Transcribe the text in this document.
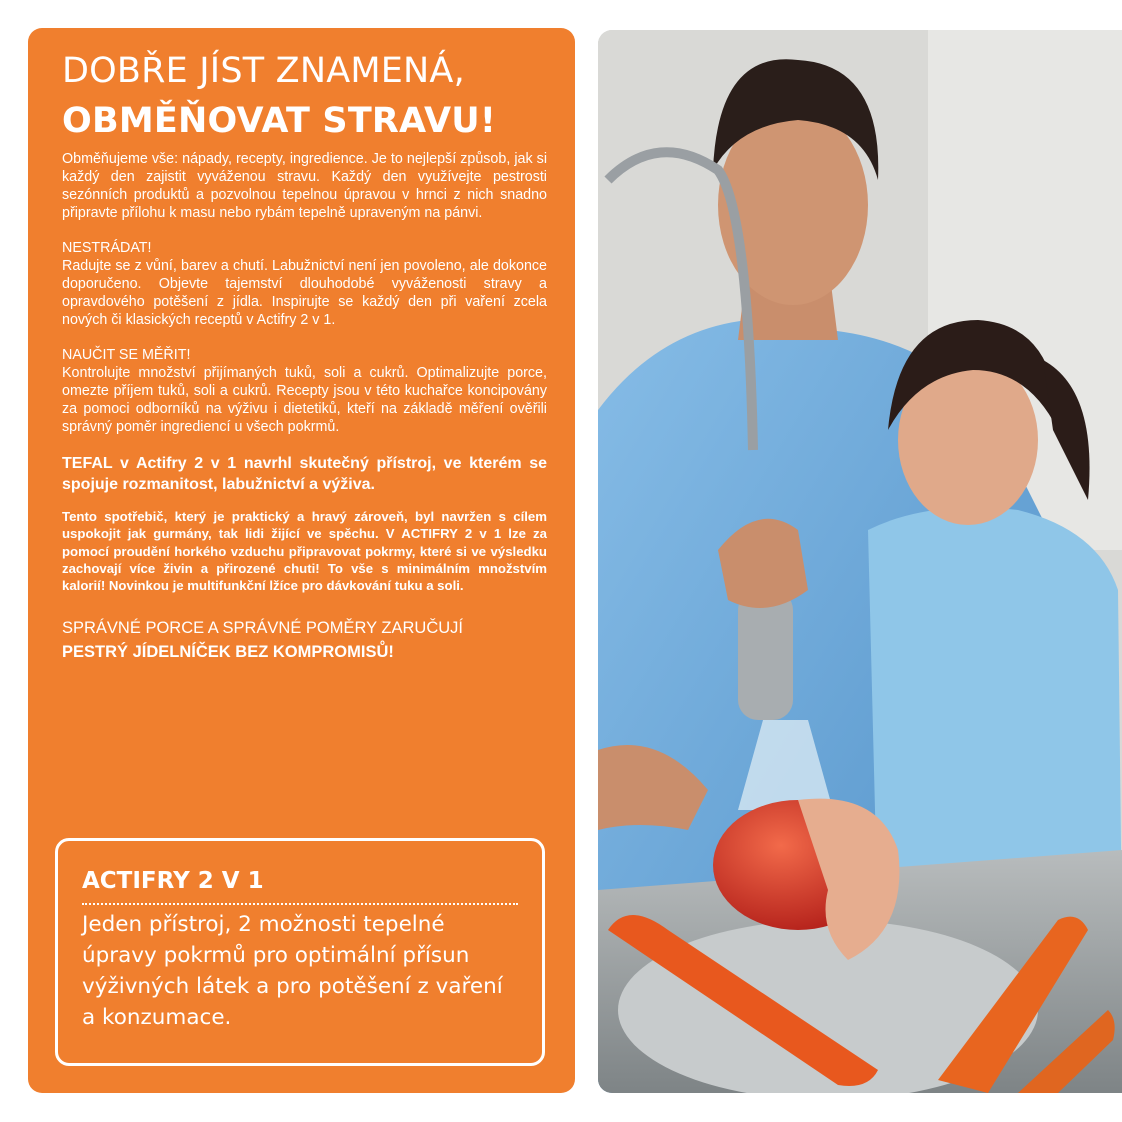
DOBŘE JÍST ZNAMENÁ,
OBMĚŇOVAT STRAVU!

Obměňujeme vše: nápady, recepty, ingredience. Je to nejlepší způsob, jak si každý den zajistit vyváženou stravu. Každý den využívejte pestrosti sezónních produktů a pozvolnou tepelnou úpravou v hrnci z nich snadno připravte přílohu k masu nebo rybám tepelně upraveným na pánvi.

NESTRÁDAT!
Radujte se z vůní, barev a chutí. Labužnictví není jen povoleno, ale dokonce doporučeno. Objevte tajemství dlouhodobé vyváženosti stravy a opravdového potěšení z jídla. Inspirujte se každý den při vaření zcela nových či klasických receptů v Actifry 2 v 1.
NAUČIT SE MĚŘIT!
Kontrolujte množství přijímaných tuků, soli a cukrů. Optimalizujte porce, omezte příjem tuků, soli a cukrů. Recepty jsou v této kuchařce koncipovány za pomoci odborníků na výživu i dietetiků, kteří na základě měření ověřili správný poměr ingrediencí u všech pokrmů.

TEFAL v Actifry 2 v 1 navrhl skutečný přístroj, ve kterém se spojuje rozmanitost, labužnictví a výživa.

Tento spotřebič, který je praktický a hravý zároveň, byl navržen s cílem uspokojit jak gurmány, tak lidi žijící ve spěchu. V ACTIFRY 2 v 1 lze za pomocí proudění horkého vzduchu připravovat pokrmy, které si ve výsledku zachovají více živin a přirozené chuti! To vše s minimálním množstvím kalorií! Novinkou je multifunkční lžíce pro dávkování tuku a soli.

SPRÁVNÉ PORCE A SPRÁVNÉ POMĚRY ZARUČUJÍ
PESTRÝ JÍDELNÍČEK BEZ KOMPROMISŮ!

ACTIFRY 2 V 1

Jeden přístroj, 2 možnosti tepelné úpravy pokrmů pro optimální přísun výživných látek a pro potěšení z vaření a konzumace.
